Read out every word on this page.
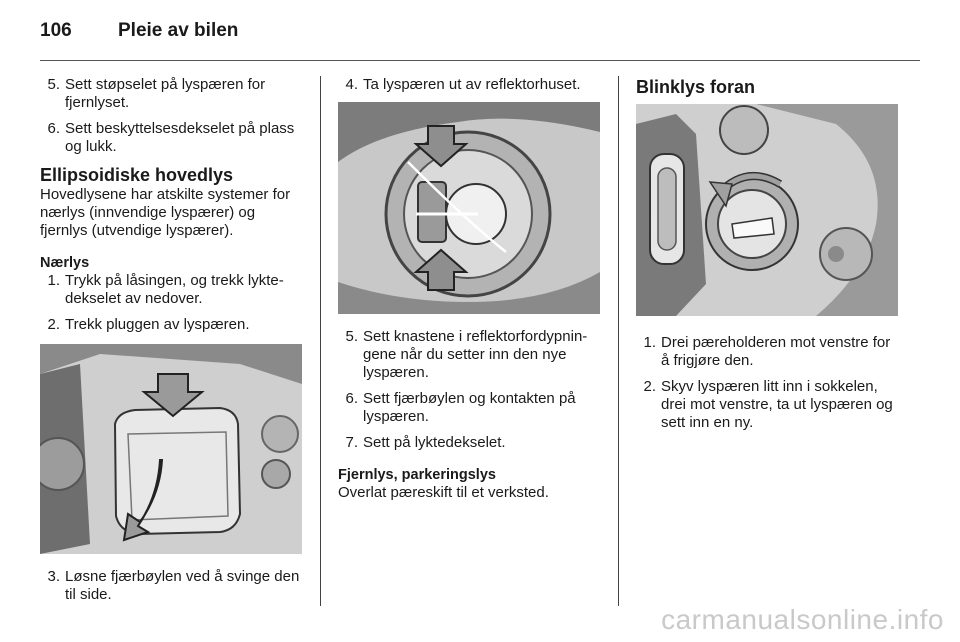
106	Pleie av bilen
5. Sett støpselet på lyspæren for fjernlyset.
6. Sett beskyttelsesdekselet på plass og lukk.
Ellipsoidiske hovedlys
Hovedlysene har atskilte systemer for nærlys (innvendige lyspærer) og fjernlys (utvendige lyspærer).
Nærlys
1. Trykk på låsingen, og trekk lykte-dekselet av nedover.
2. Trekk pluggen av lyspæren.
3. Løsne fjærbøylen ved å svinge den til side.
4. Ta lyspæren ut av reflektorhuset.
5. Sett knastene i reflektorfordypnin-gene når du setter inn den nye lyspæren.
6. Sett fjærbøylen og kontakten på lyspæren.
7. Sett på lyktedekselet.
Fjernlys, parkeringslys
Overlat pæreskift til et verksted.
Blinklys foran
1. Drei pæreholderen mot venstre for å frigjøre den.
2. Skyv lyspæren litt inn i sokkelen, drei mot venstre, ta ut lyspæren og sett inn en ny.
carmanualsonline.info
